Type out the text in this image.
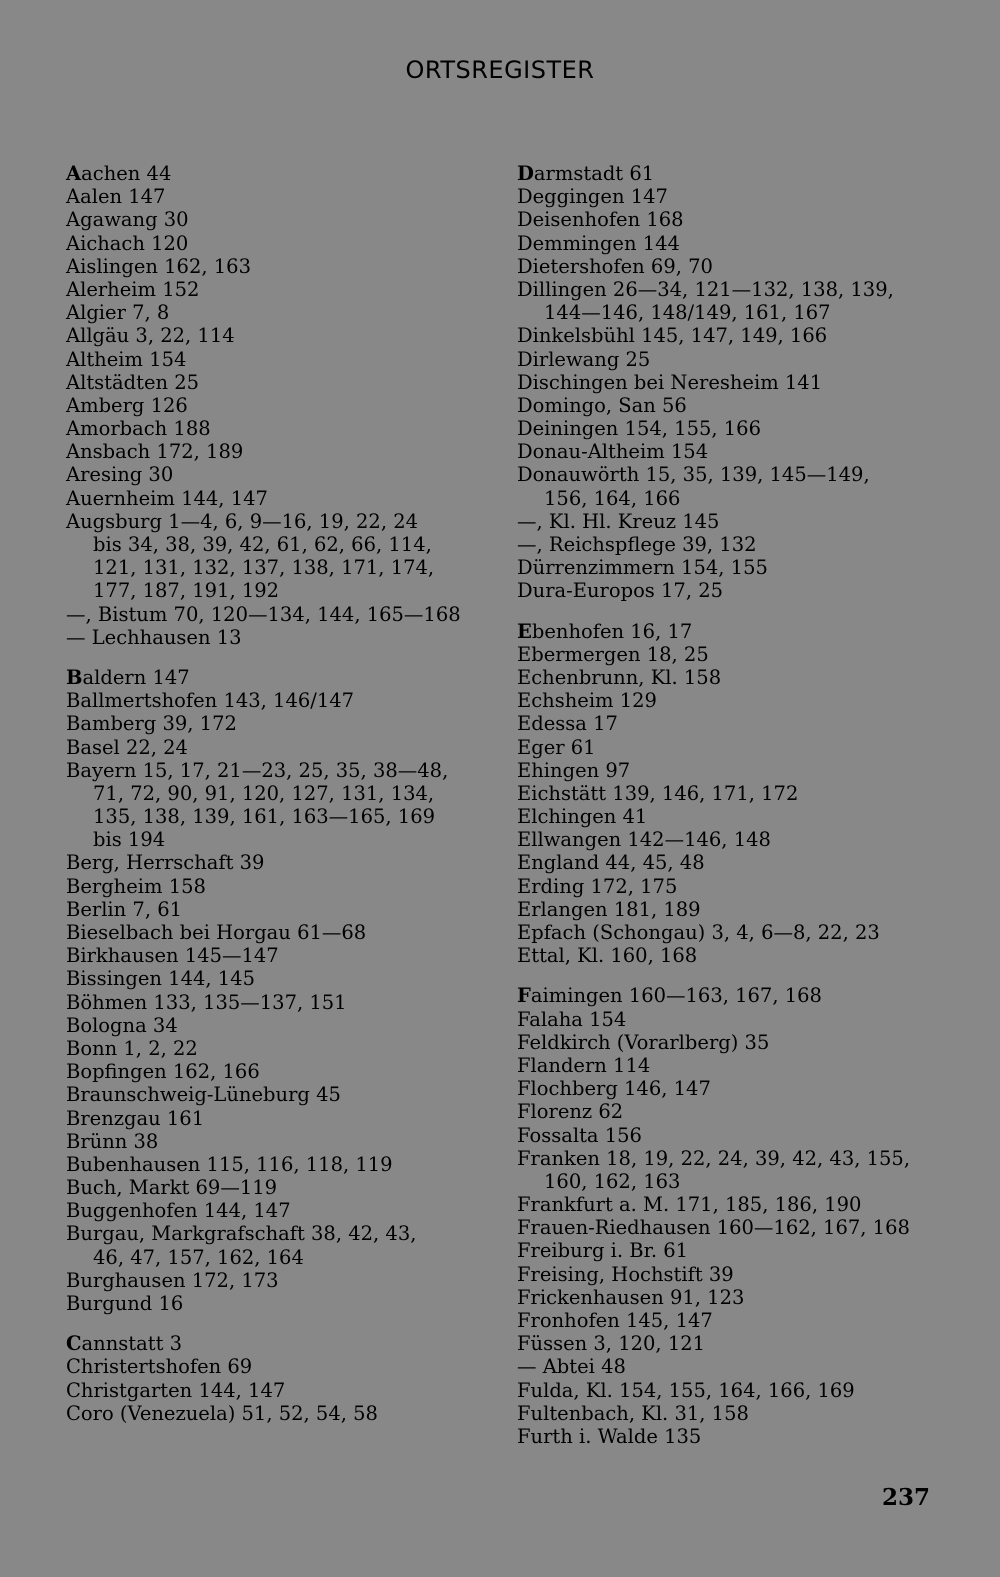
ORTSREGISTER
Aachen 44
Aalen 147
Agawang 30
Aichach 120
Aislingen 162, 163
Alerheim 152
Algier 7, 8
Allgäu 3, 22, 114
Altheim 154
Altstädten 25
Amberg 126
Amorbach 188
Ansbach 172, 189
Aresing 30
Auernheim 144, 147
Augsburg 1—4, 6, 9—16, 19, 22, 24
bis 34, 38, 39, 42, 61, 62, 66, 114,
121, 131, 132, 137, 138, 171, 174,
177, 187, 191, 192
—, Bistum 70, 120—134, 144, 165—168
— Lechhausen 13
Baldern 147
Ballmertshofen 143, 146/147
Bamberg 39, 172
Basel 22, 24
Bayern 15, 17, 21—23, 25, 35, 38—48,
71, 72, 90, 91, 120, 127, 131, 134,
135, 138, 139, 161, 163—165, 169
bis 194
Berg, Herrschaft 39
Bergheim 158
Berlin 7, 61
Bieselbach bei Horgau 61—68
Birkhausen 145—147
Bissingen 144, 145
Böhmen 133, 135—137, 151
Bologna 34
Bonn 1, 2, 22
Bopfingen 162, 166
Braunschweig-Lüneburg 45
Brenzgau 161
Brünn 38
Bubenhausen 115, 116, 118, 119
Buch, Markt 69—119
Buggenhofen 144, 147
Burgau, Markgrafschaft 38, 42, 43,
46, 47, 157, 162, 164
Burghausen 172, 173
Burgund 16
Cannstatt 3
Christertshofen 69
Christgarten 144, 147
Coro (Venezuela) 51, 52, 54, 58
Darmstadt 61
Deggingen 147
Deisenhofen 168
Demmingen 144
Dietershofen 69, 70
Dillingen 26—34, 121—132, 138, 139,
144—146, 148/149, 161, 167
Dinkelsbühl 145, 147, 149, 166
Dirlewang 25
Dischingen bei Neresheim 141
Domingo, San 56
Deiningen 154, 155, 166
Donau-Altheim 154
Donauwörth 15, 35, 139, 145—149,
156, 164, 166
—, Kl. Hl. Kreuz 145
—, Reichspflege 39, 132
Dürrenzimmern 154, 155
Dura-Europos 17, 25
Ebenhofen 16, 17
Ebermergen 18, 25
Echenbrunn, Kl. 158
Echsheim 129
Edessa 17
Eger 61
Ehingen 97
Eichstätt 139, 146, 171, 172
Elchingen 41
Ellwangen 142—146, 148
England 44, 45, 48
Erding 172, 175
Erlangen 181, 189
Epfach (Schongau) 3, 4, 6—8, 22, 23
Ettal, Kl. 160, 168
Faimingen 160—163, 167, 168
Falaha 154
Feldkirch (Vorarlberg) 35
Flandern 114
Flochberg 146, 147
Florenz 62
Fossalta 156
Franken 18, 19, 22, 24, 39, 42, 43, 155,
160, 162, 163
Frankfurt a. M. 171, 185, 186, 190
Frauen-Riedhausen 160—162, 167, 168
Freiburg i. Br. 61
Freising, Hochstift 39
Frickenhausen 91, 123
Fronhofen 145, 147
Füssen 3, 120, 121
— Abtei 48
Fulda, Kl. 154, 155, 164, 166, 169
Fultenbach, Kl. 31, 158
Furth i. Walde 135
237
